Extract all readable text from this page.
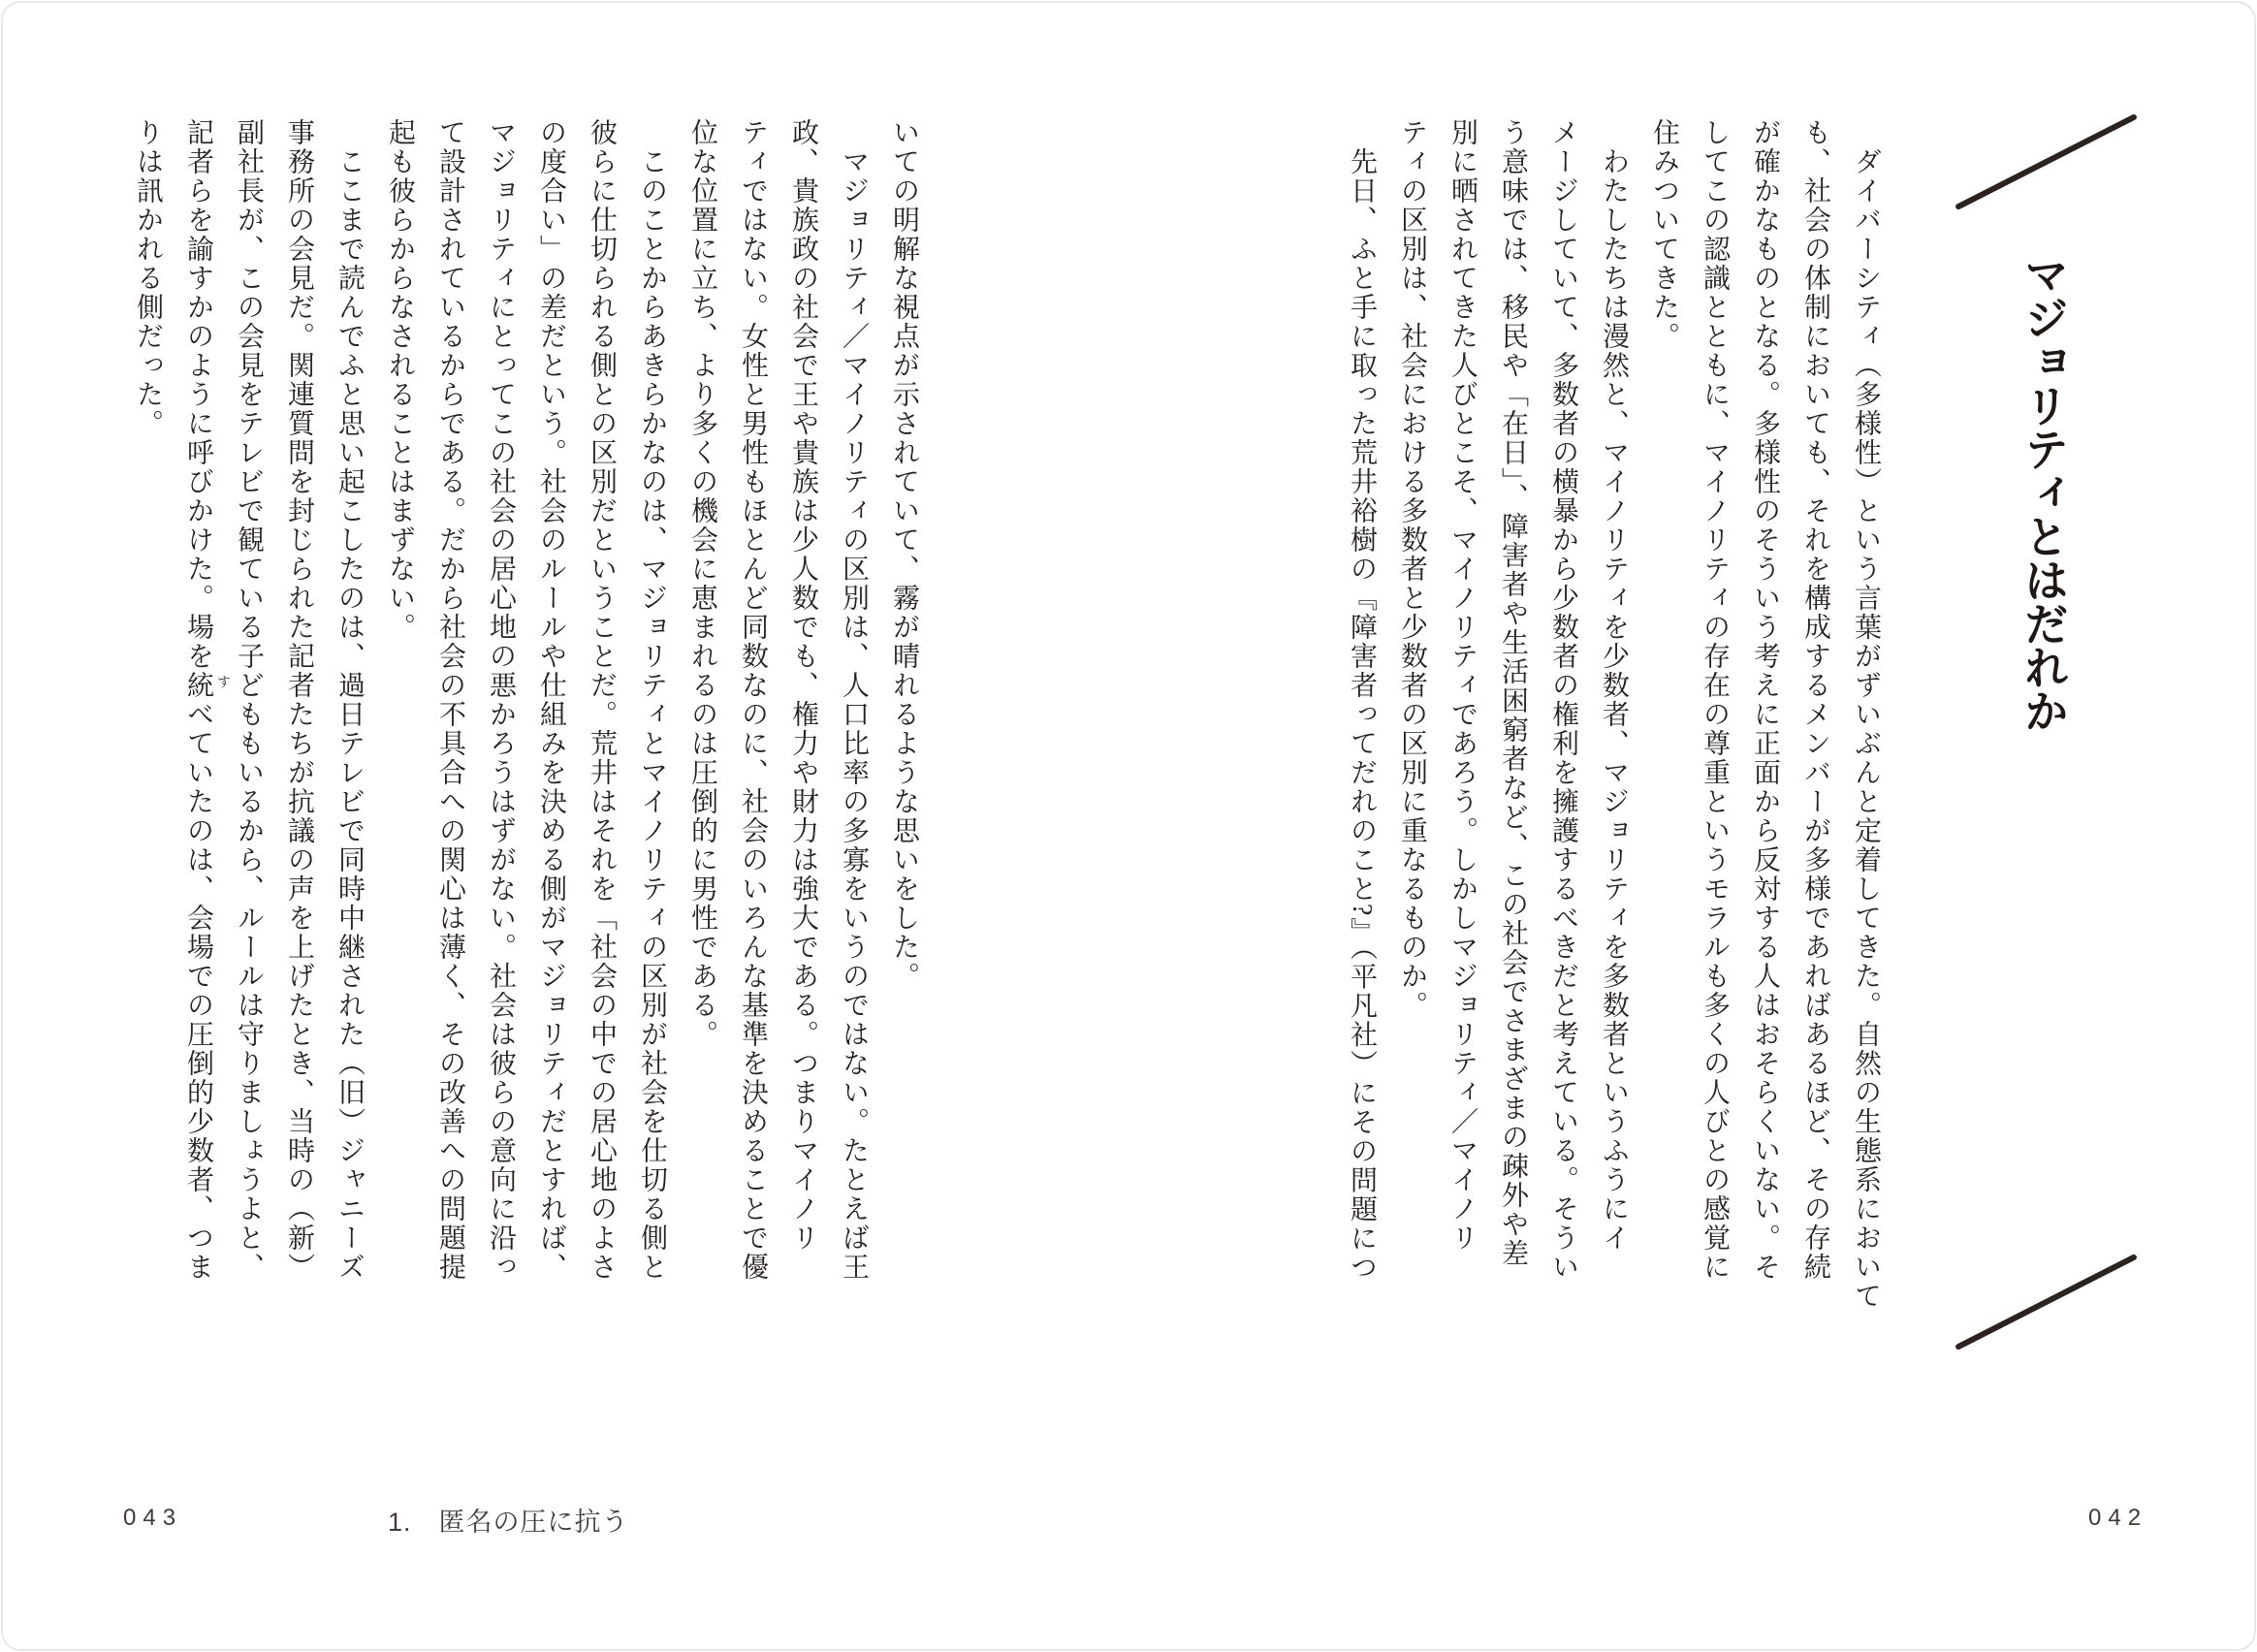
マジョリティとはだれか

　ダイバーシティ（多様性）という言葉がずいぶんと定着してきた。自然の生態系において

も、社会の体制においても、それを構成するメンバーが多様であればあるほど、その存続

が確かなものとなる。多様性のそういう考えに正面から反対する人はおそらくいない。そ

してこの認識とともに、マイノリティの存在の尊重というモラルも多くの人びとの感覚に

住みついてきた。

　わたしたちは漫然と、マイノリティを少数者、マジョリティを多数者というふうにイ

メージしていて、多数者の横暴から少数者の権利を擁護するべきだと考えている。そうい

う意味では、移民や「在日」、障害者や生活困窮者など、この社会でさまざまの疎外や差

別に晒されてきた人びとこそ、マイノリティであろう。しかしマジョリティ／マイノリ

ティの区別は、社会における多数者と少数者の区別に重なるものか。

　先日、ふと手に取った荒井裕樹の『障害者ってだれのこと?』（平凡社）にその問題につ

いての明解な視点が示されていて、霧が晴れるような思いをした。

　マジョリティ／マイノリティの区別は、人口比率の多寡をいうのではない。たとえば王

政、貴族政の社会で王や貴族は少人数でも、権力や財力は強大である。つまりマイノリ

ティではない。女性と男性もほとんど同数なのに、社会のいろんな基準を決めることで優

位な位置に立ち、より多くの機会に恵まれるのは圧倒的に男性である。

　このことからあきらかなのは、マジョリティとマイノリティの区別が社会を仕切る側と

彼らに仕切られる側との区別だということだ。荒井はそれを「社会の中での居心地のよさ

の度合い」の差だという。社会のルールや仕組みを決める側がマジョリティだとすれば、

マジョリティにとってこの社会の居心地の悪かろうはずがない。社会は彼らの意向に沿っ

て設計されているからである。だから社会の不具合への関心は薄く、その改善への問題提

起も彼らからなされることはまずない。

　ここまで読んでふと思い起こしたのは、過日テレビで同時中継された（旧）ジャニーズ

事務所の会見だ。関連質問を封じられた記者たちが抗議の声を上げたとき、当時の（新）

副社長が、この会見をテレビで観ている子どももいるから、ルールは守りましょうよと、

記者らを諭すかのように呼びかけた。場を統べていたのは、会場での圧倒的少数者、つま

りは訊かれる側だった。

す
043	1.　匿名の圧に抗う	042
